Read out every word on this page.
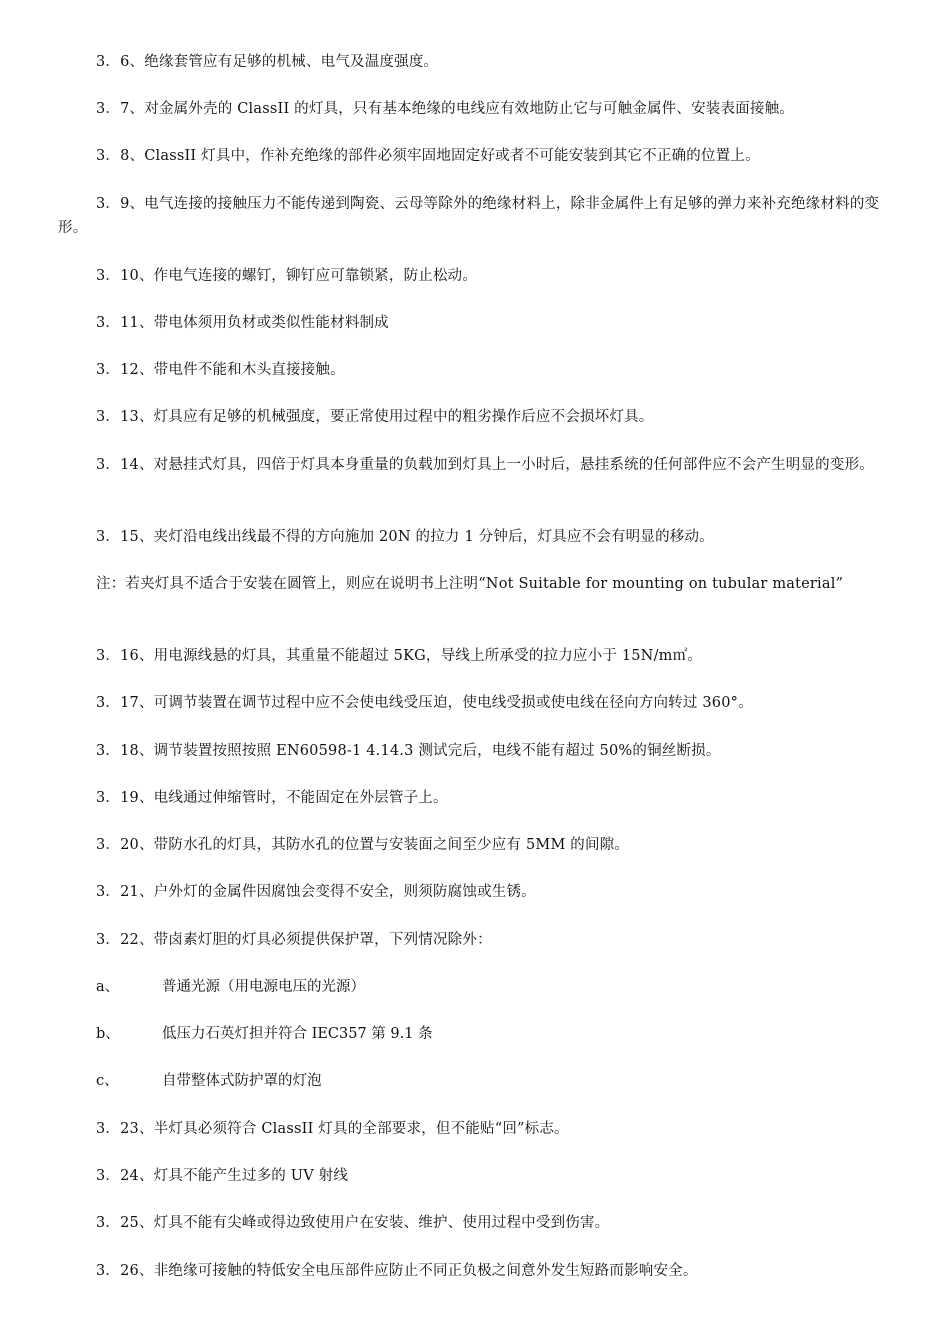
3．6、绝缘套管应有足够的机械、电气及温度强度。

3．7、对金属外壳的 ClassII 的灯具，只有基本绝缘的电线应有效地防止它与可触金属件、安装表面接触。

3．8、ClassII 灯具中，作补充绝缘的部件必须牢固地固定好或者不可能安装到其它不正确的位置上。

3．9、电气连接的接触压力不能传递到陶瓷、云母等除外的绝缘材料上，除非金属件上有足够的弹力来补充绝缘材料的变形。

3．10、作电气连接的螺钉，铆钉应可靠锁紧，防止松动。

3．11、带电体须用负材或类似性能材料制成

3．12、带电件不能和木头直接接触。

3．13、灯具应有足够的机械强度，要正常使用过程中的粗劣操作后应不会损坏灯具。

3．14、对悬挂式灯具，四倍于灯具本身重量的负载加到灯具上一小时后，悬挂系统的任何部件应不会产生明显的变形。

3．15、夹灯沿电线出线最不得的方向施加 20N 的拉力 1 分钟后，灯具应不会有明显的移动。

注：若夹灯具不适合于安装在圆管上，则应在说明书上注明“Not Suitable for mounting on tubular material”

3．16、用电源线悬的灯具，其重量不能超过 5KG，导线上所承受的拉力应小于 15N/m㎡。

3．17、可调节装置在调节过程中应不会使电线受压迫，使电线受损或使电线在径向方向转过 360°。

3．18、调节装置按照按照 EN60598-1 4.14.3 测试完后，电线不能有超过 50%的铜丝断损。

3．19、电线通过伸缩管时，不能固定在外层管子上。

3．20、带防水孔的灯具，其防水孔的位置与安装面之间至少应有 5MM 的间隙。

3．21、户外灯的金属件因腐蚀会变得不安全，则须防腐蚀或生锈。

3．22、带卤素灯胆的灯具必须提供保护罩，下列情况除外：

a、	普通光源（用电源电压的光源）
b、	低压力石英灯担并符合 IEC357 第 9.1 条
c、	自带整体式防护罩的灯泡

3．23、半灯具必须符合 ClassII 灯具的全部要求，但不能贴“回”标志。

3．24、灯具不能产生过多的 UV 射线

3．25、灯具不能有尖峰或得边致使用户在安装、维护、使用过程中受到伤害。

3．26、非绝缘可接触的特低安全电压部件应防止不同正负极之间意外发生短路而影响安全。
